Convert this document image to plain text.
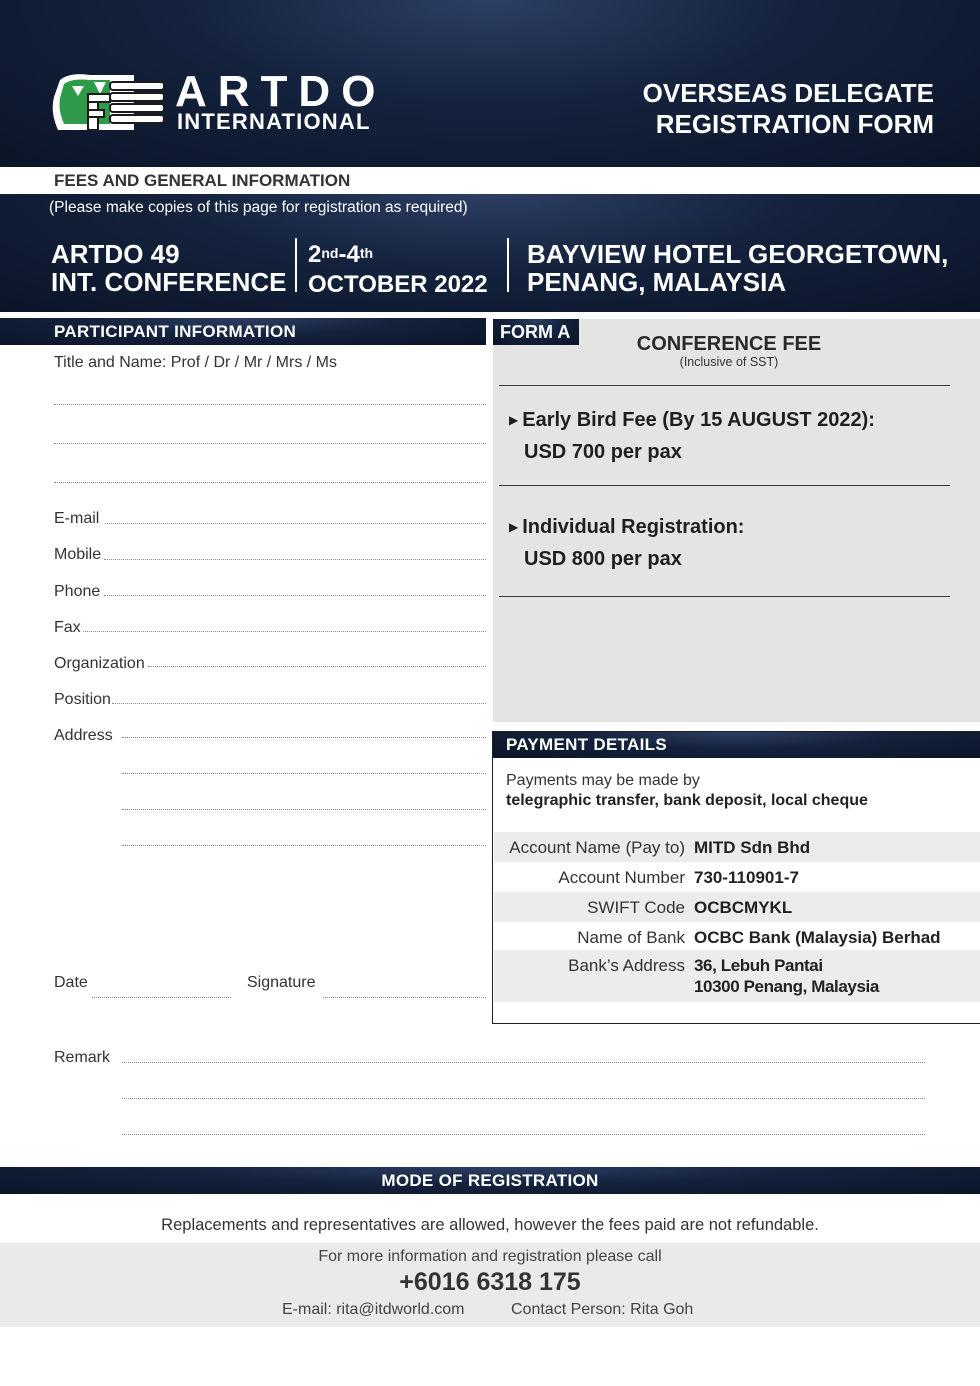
ARTDO
INTERNATIONAL
OVERSEAS DELEGATE
REGISTRATION FORM
FEES AND GENERAL INFORMATION
(Please make copies of this page for registration as required)
ARTDO 49
INT. CONFERENCE
2nd-4th
OCTOBER 2022
BAYVIEW HOTEL GEORGETOWN,
PENANG, MALAYSIA
PARTICIPANT INFORMATION
Title and Name: Prof / Dr / Mr / Mrs / Ms
E-mail
Mobile
Phone
Fax
Organization
Position
Address
Date	Signature
Remark
FORM A
CONFERENCE FEE
(Inclusive of SST)
▶ Early Bird Fee (By 15 AUGUST 2022):
USD 700 per pax
▶ Individual Registration:
USD 800 per pax
PAYMENT DETAILS
Payments may be made by
telegraphic transfer, bank deposit, local cheque
Account Name (Pay to) MITD Sdn Bhd
Account Number 730-110901-7
SWIFT Code OCBCMYKL
Name of Bank OCBC Bank (Malaysia) Berhad
Bank’s Address 36, Lebuh Pantai
10300 Penang, Malaysia
MODE OF REGISTRATION
Replacements and representatives are allowed, however the fees paid are not refundable.
For more information and registration please call
+6016 6318 175
E-mail: rita@itdworld.com	Contact Person: Rita Goh
